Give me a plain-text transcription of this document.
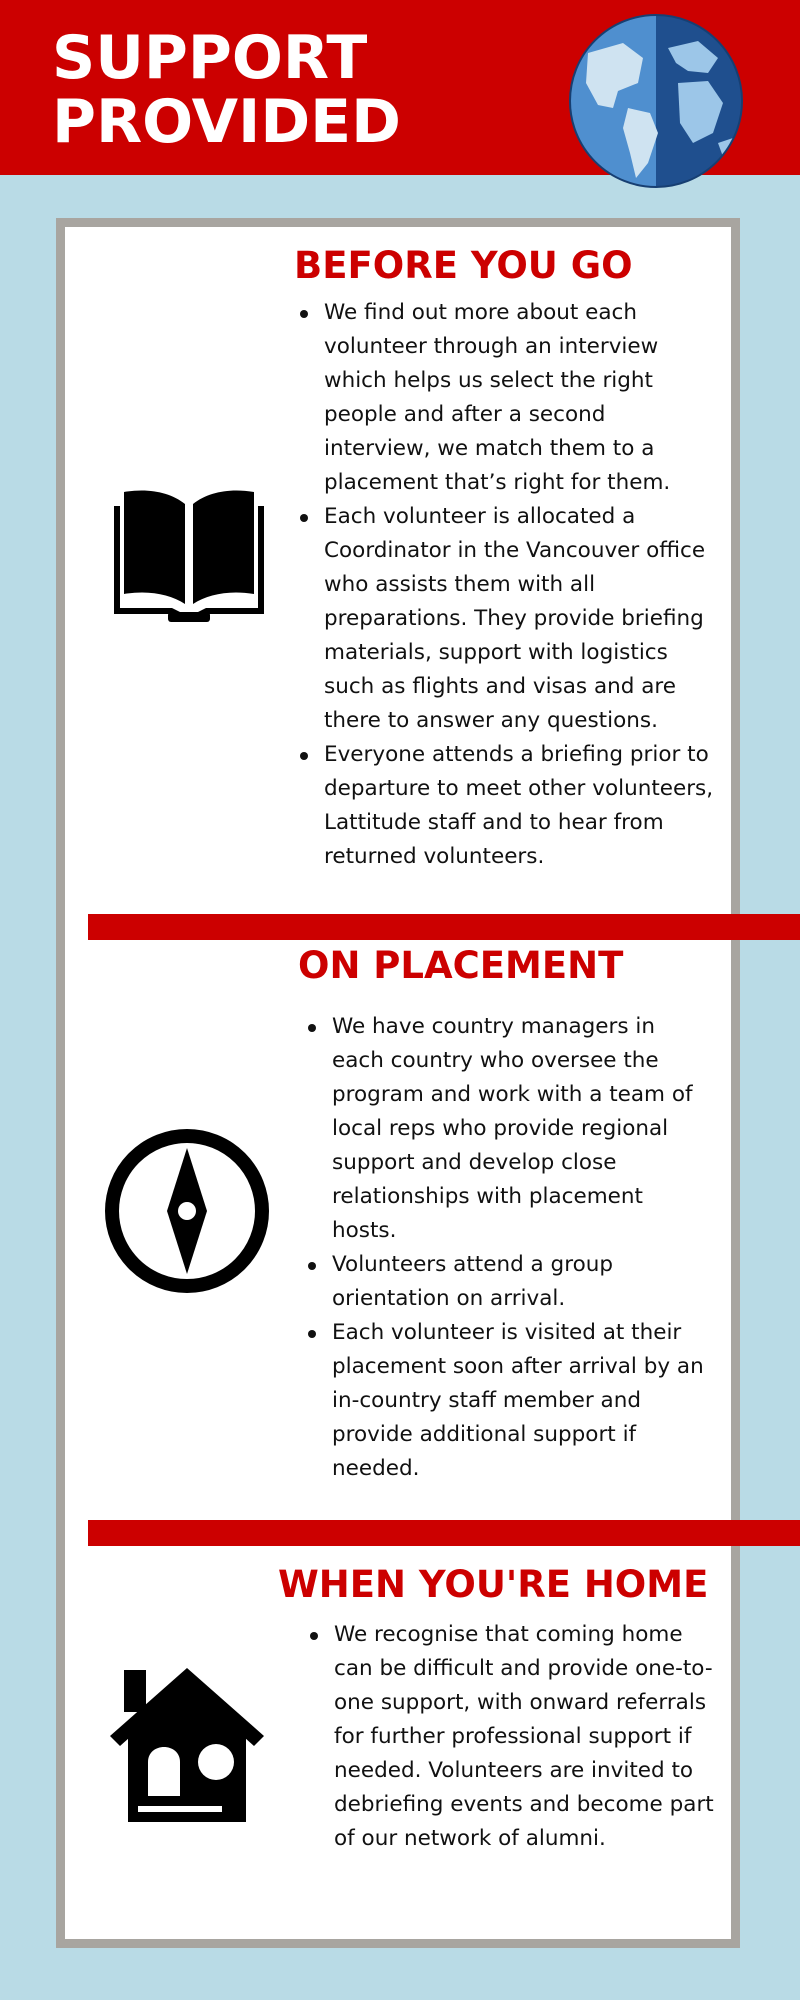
SUPPORT
PROVIDED
BEFORE YOU GO
We find out more about each volunteer through an interview which helps us select the right people and after a second interview, we match them to a placement that’s right for them.
Each volunteer is allocated a Coordinator in the Vancouver office who assists them with all preparations. They provide briefing materials, support with logistics such as flights and visas and are there to answer any questions.
Everyone attends a briefing prior to departure to meet other volunteers, Lattitude staff and to hear from returned volunteers.
ON PLACEMENT
We have country managers in each country who oversee the program and work with a team of local reps who provide regional support and develop close relationships with placement hosts.
Volunteers attend a group orientation on arrival.
Each volunteer is visited at their placement soon after arrival by an in-country staff member and provide additional support if needed.
WHEN YOU'RE HOME
We recognise that coming home can be difficult and provide one-to-one support, with onward referrals for further professional support if needed. Volunteers are invited to debriefing events and become part of our network of alumni.
